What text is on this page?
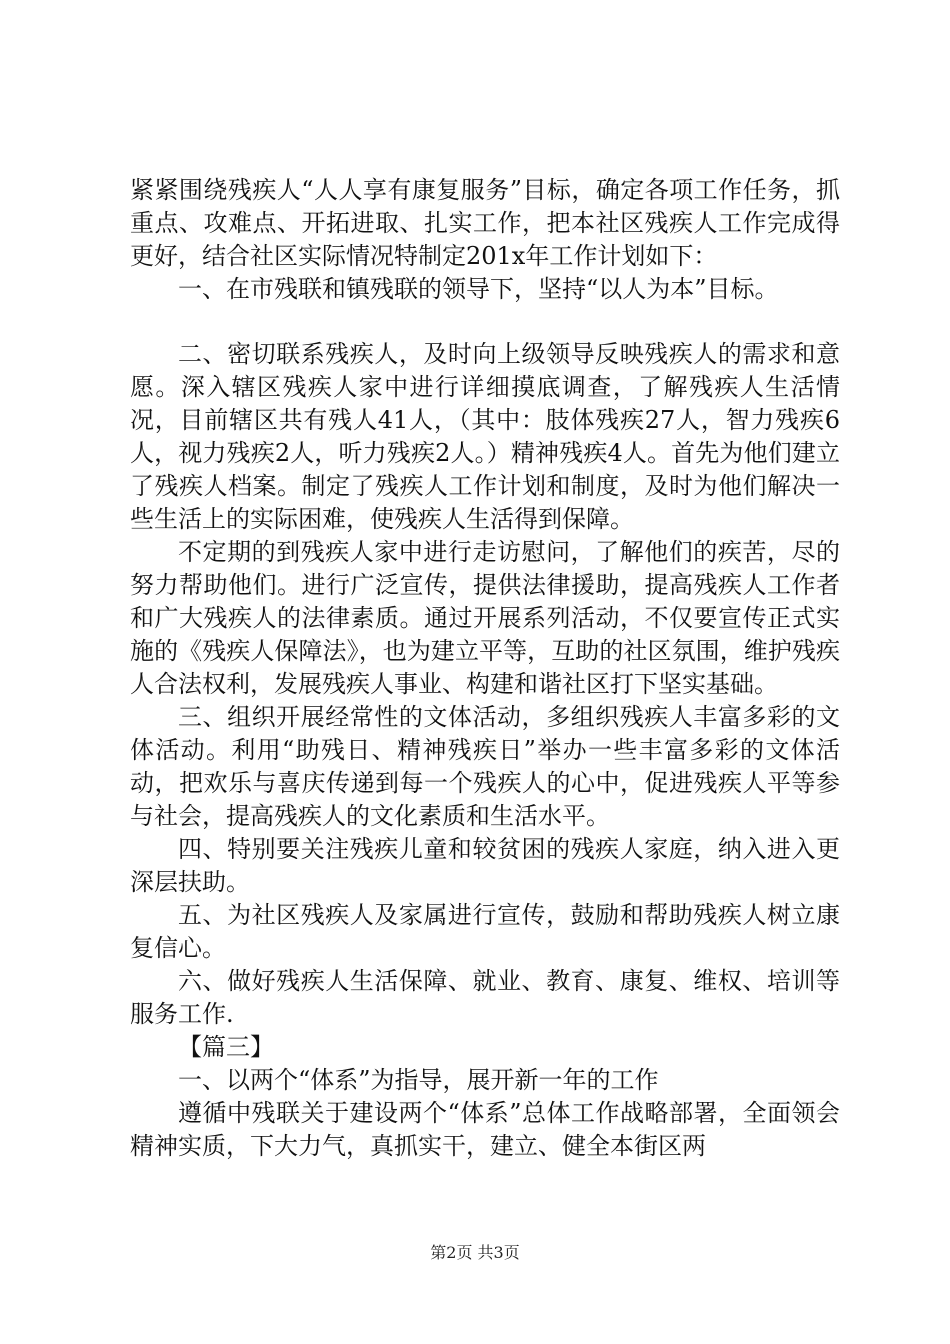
紧紧围绕残疾人“人人享有康复服务”目标，确定各项工作任务，抓重点、攻难点、开拓进取、扎实工作，把本社区残疾人工作完成得更好，结合社区实际情况特制定201x年工作计划如下：

一、在市残联和镇残联的领导下，坚持“以人为本”目标。

二、密切联系残疾人，及时向上级领导反映残疾人的需求和意愿。深入辖区残疾人家中进行详细摸底调查，了解残疾人生活情况，目前辖区共有残人41人，（其中：肢体残疾27人，智力残疾6人，视力残疾2人，听力残疾2人。）精神残疾4人。首先为他们建立了残疾人档案。制定了残疾人工作计划和制度，及时为他们解决一些生活上的实际困难，使残疾人生活得到保障。

不定期的到残疾人家中进行走访慰问，了解他们的疾苦，尽的努力帮助他们。进行广泛宣传，提供法律援助，提高残疾人工作者和广大残疾人的法律素质。通过开展系列活动，不仅要宣传正式实施的《残疾人保障法》，也为建立平等，互助的社区氛围，维护残疾人合法权利，发展残疾人事业、构建和谐社区打下坚实基础。

三、组织开展经常性的文体活动，多组织残疾人丰富多彩的文体活动。利用“助残日、精神残疾日”举办一些丰富多彩的文体活动，把欢乐与喜庆传递到每一个残疾人的心中，促进残疾人平等参与社会，提高残疾人的文化素质和生活水平。

四、特别要关注残疾儿童和较贫困的残疾人家庭，纳入进入更深层扶助。

五、为社区残疾人及家属进行宣传，鼓励和帮助残疾人树立康复信心。

六、做好残疾人生活保障、就业、教育、康复、维权、培训等服务工作.

【篇三】

一、以两个“体系”为指导，展开新一年的工作

遵循中残联关于建设两个“体系”总体工作战略部署，全面领会精神实质，下大力气，真抓实干，建立、健全本街区两

第2页 共3页
